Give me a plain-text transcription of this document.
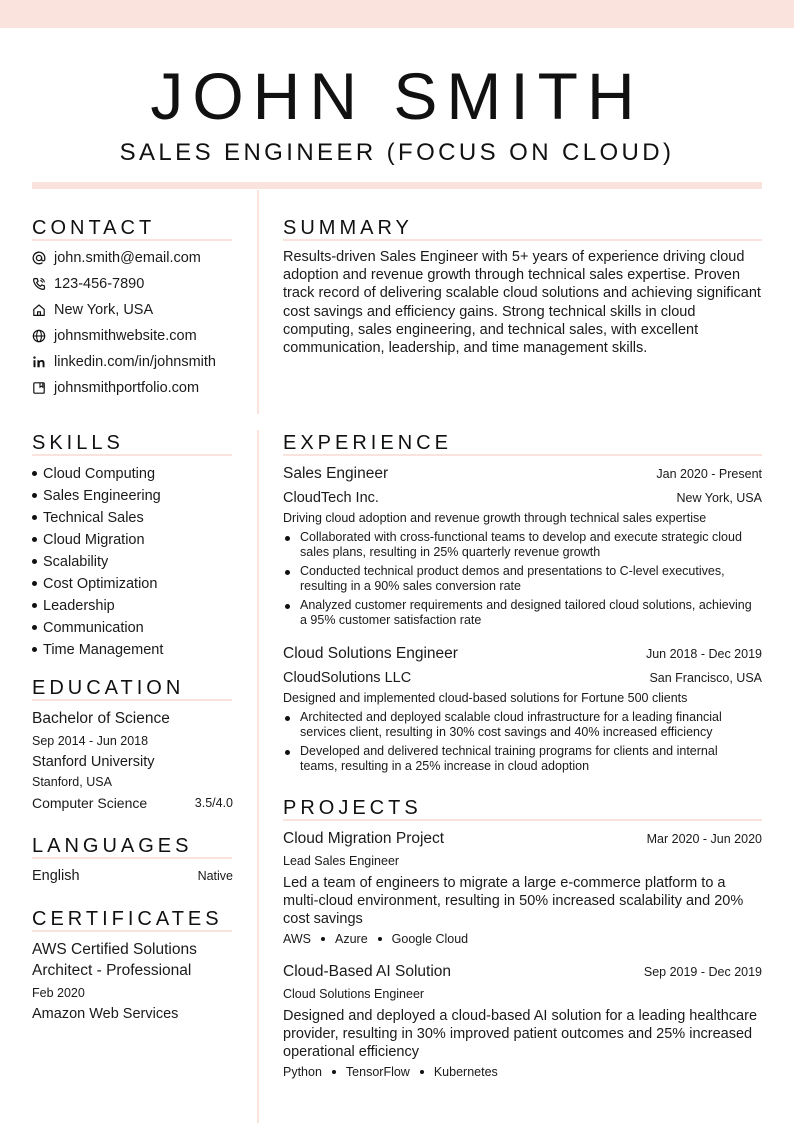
JOHN SMITH
SALES ENGINEER (FOCUS ON CLOUD)
CONTACT
john.smith@email.com
123-456-7890
New York, USA
johnsmithwebsite.com
linkedin.com/in/johnsmith
johnsmithportfolio.com
SUMMARY
Results-driven Sales Engineer with 5+ years of experience driving cloud adoption and revenue growth through technical sales expertise. Proven track record of delivering scalable cloud solutions and achieving significant cost savings and efficiency gains. Strong technical skills in cloud computing, sales engineering, and technical sales, with excellent communication, leadership, and time management skills.
SKILLS
Cloud Computing
Sales Engineering
Technical Sales
Cloud Migration
Scalability
Cost Optimization
Leadership
Communication
Time Management
EDUCATION
Bachelor of Science
Sep 2014 - Jun 2018
Stanford University
Stanford, USA
Computer Science	3.5/4.0
LANGUAGES
English	Native
CERTIFICATES
AWS Certified Solutions
Architect - Professional
Feb 2020
Amazon Web Services
EXPERIENCE
Sales Engineer	Jan 2020 - Present
CloudTech Inc.	New York, USA
Driving cloud adoption and revenue growth through technical sales expertise
Collaborated with cross-functional teams to develop and execute strategic cloud sales plans, resulting in 25% quarterly revenue growth
Conducted technical product demos and presentations to C-level executives, resulting in a 90% sales conversion rate
Analyzed customer requirements and designed tailored cloud solutions, achieving a 95% customer satisfaction rate
Cloud Solutions Engineer	Jun 2018 - Dec 2019
CloudSolutions LLC	San Francisco, USA
Designed and implemented cloud-based solutions for Fortune 500 clients
Architected and deployed scalable cloud infrastructure for a leading financial services client, resulting in 30% cost savings and 40% increased efficiency
Developed and delivered technical training programs for clients and internal teams, resulting in a 25% increase in cloud adoption
PROJECTS
Cloud Migration Project	Mar 2020 - Jun 2020
Lead Sales Engineer
Led a team of engineers to migrate a large e-commerce platform to a multi-cloud environment, resulting in 50% increased scalability and 20% cost savings
AWS Azure Google Cloud
Cloud-Based AI Solution	Sep 2019 - Dec 2019
Cloud Solutions Engineer
Designed and deployed a cloud-based AI solution for a leading healthcare provider, resulting in 30% improved patient outcomes and 25% increased operational efficiency
Python TensorFlow Kubernetes
